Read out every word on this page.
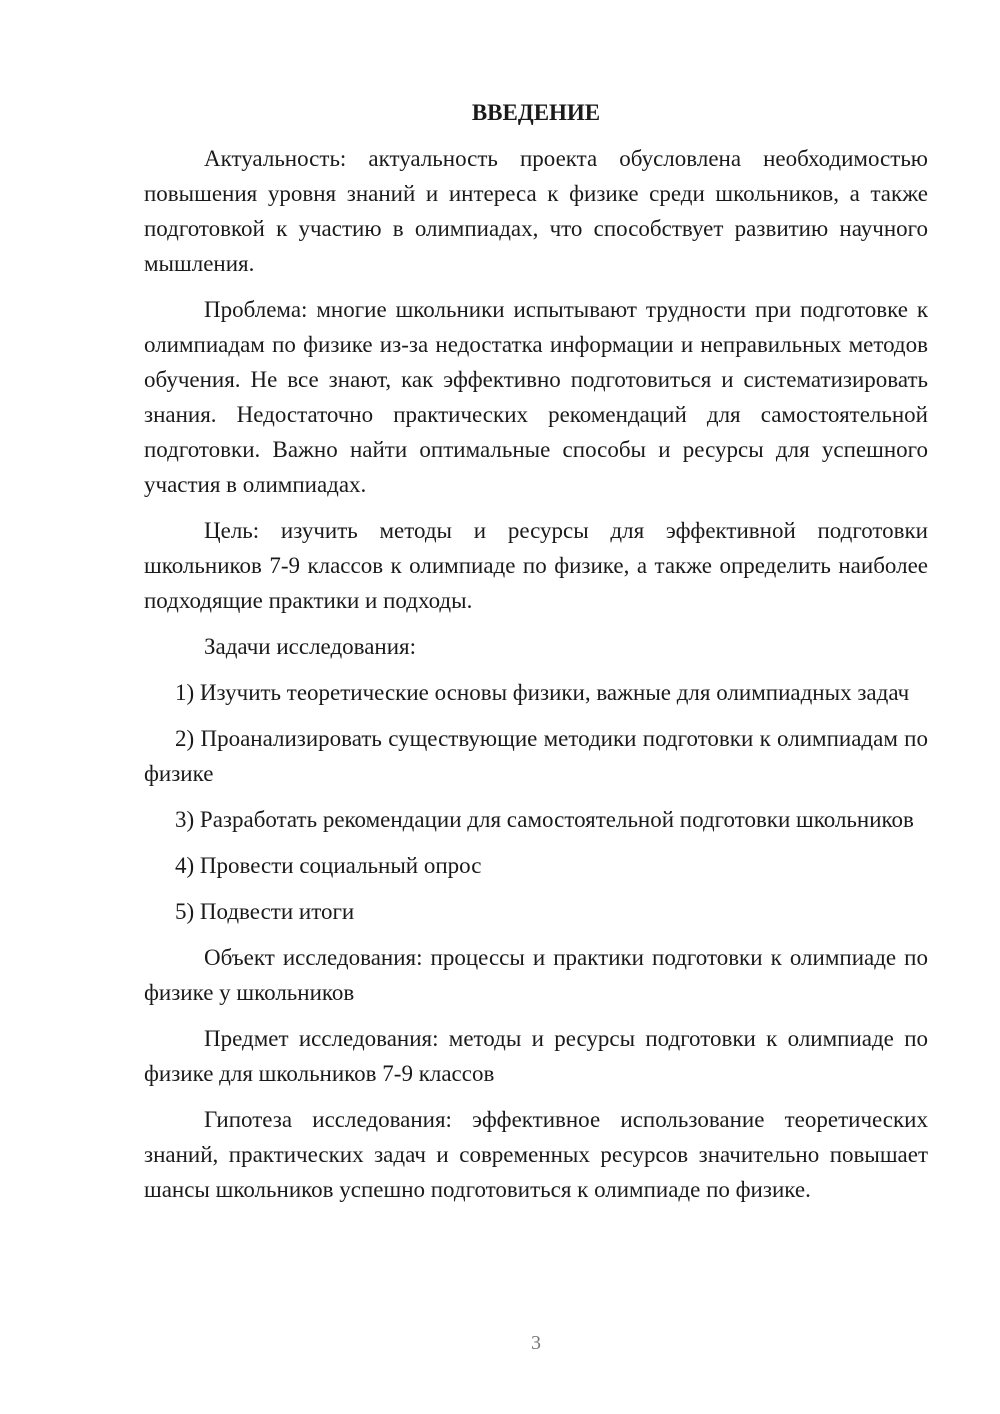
ВВЕДЕНИЕ

Актуальность: актуальность проекта обусловлена необходимостью повышения уровня знаний и интереса к физике среди школьников, а также подготовкой к участию в олимпиадах, что способствует развитию научного мышления.

Проблема: многие школьники испытывают трудности при подготовке к олимпиадам по физике из-за недостатка информации и неправильных методов обучения. Не все знают, как эффективно подготовиться и систематизировать знания. Недостаточно практических рекомендаций для самостоятельной подготовки. Важно найти оптимальные способы и ресурсы для успешного участия в олимпиадах.

Цель: изучить методы и ресурсы для эффективной подготовки школьников 7-9 классов к олимпиаде по физике, а также определить наиболее подходящие практики и подходы.

Задачи исследования:

1) Изучить теоретические основы физики, важные для олимпиадных задач

2) Проанализировать существующие методики подготовки к олимпиадам по физике

3) Разработать рекомендации для самостоятельной подготовки школьников

4) Провести социальный опрос

5) Подвести итоги

Объект исследования: процессы и практики подготовки к олимпиаде по физике у школьников

Предмет исследования: методы и ресурсы подготовки к олимпиаде по физике для школьников 7-9 классов

Гипотеза исследования: эффективное использование теоретических знаний, практических задач и современных ресурсов значительно повышает шансы школьников успешно подготовиться к олимпиаде по физике.

3
